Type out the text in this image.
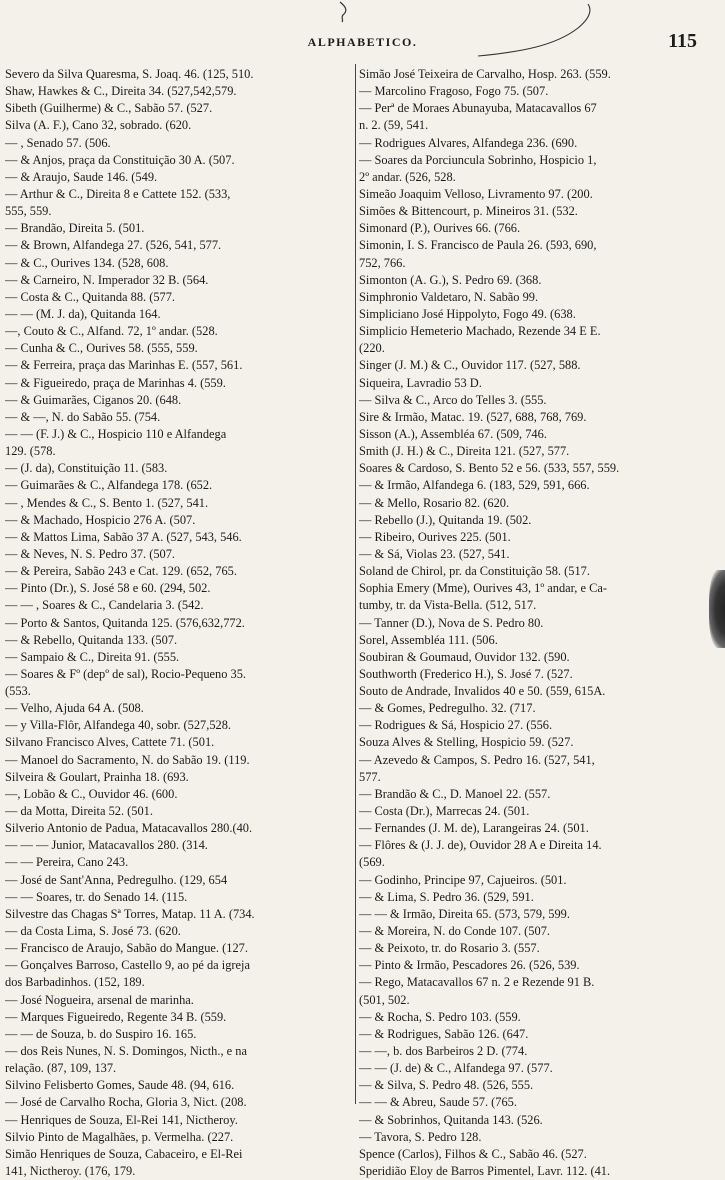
ALPHABETICO.	115
Severo da Silva Quaresma, S. Joaq. 46. (125, 510.
Shaw, Hawkes & C., Direita 34. (527,542,579.
Sibeth (Guilherme) & C., Sabão 57. (527.
Silva (A. F.), Cano 32, sobrado. (620.
— , Senado 57. (506.
— & Anjos, praça da Constituição 30 A. (507.
— & Araujo, Saude 146. (549.
— Arthur & C., Direita 8 e Cattete 152. (533,
555, 559.
— Brandão, Direita 5. (501.
— & Brown, Alfandega 27. (526, 541, 577.
— & C., Ourives 134. (528, 608.
— & Carneiro, N. Imperador 32 B. (564.
— Costa & C., Quitanda 88. (577.
— — (M. J. da), Quitanda 164.
—, Couto & C., Alfand. 72, 1º andar. (528.
— Cunha & C., Ourives 58. (555, 559.
— & Ferreira, praça das Marinhas E. (557, 561.
— & Figueiredo, praça de Marinhas 4. (559.
— & Guimarães, Ciganos 20. (648.
— & —, N. do Sabão 55. (754.
— — (F. J.) & C., Hospicio 110 e Alfandega
129. (578.
— (J. da), Constituição 11. (583.
— Guimarães & C., Alfandega 178. (652.
— , Mendes & C., S. Bento 1. (527, 541.
— & Machado, Hospicio 276 A. (507.
— & Mattos Lima, Sabão 37 A. (527, 543, 546.
— & Neves, N. S. Pedro 37. (507.
— & Pereira, Sabão 243 e Cat. 129. (652, 765.
— Pinto (Dr.), S. José 58 e 60. (294, 502.
— — , Soares & C., Candelaria 3. (542.
— Porto & Santos, Quitanda 125. (576,632,772.
— & Rebello, Quitanda 133. (507.
— Sampaio & C., Direita 91. (555.
— Soares & Fº (depº de sal), Rocio-Pequeno 35.
(553.
— Velho, Ajuda 64 A. (508.
— y Villa-Flôr, Alfandega 40, sobr. (527,528.
Silvano Francisco Alves, Cattete 71. (501.
— Manoel do Sacramento, N. do Sabão 19. (119.
Silveira & Goulart, Prainha 18. (693.
—, Lobão & C., Ouvidor 46. (600.
— da Motta, Direita 52. (501.
Silverio Antonio de Padua, Matacavallos 280.(40.
— — — Junior, Matacavallos 280. (314.
— — Pereira, Cano 243.
— José de Sant'Anna, Pedregulho. (129, 654
— — Soares, tr. do Senado 14. (115.
Silvestre das Chagas Sª Torres, Matap. 11 A. (734.
— da Costa Lima, S. José 73. (620.
— Francisco de Araujo, Sabão do Mangue. (127.
— Gonçalves Barroso, Castello 9, ao pé da igreja
dos Barbadinhos. (152, 189.
— José Nogueira, arsenal de marinha.
— Marques Figueiredo, Regente 34 B. (559.
— — de Souza, b. do Suspiro 16. 165.
— dos Reis Nunes, N. S. Domingos, Nicth., e na
relação. (87, 109, 137.
Silvino Felisberto Gomes, Saude 48. (94, 616.
— José de Carvalho Rocha, Gloria 3, Nict. (208.
— Henriques de Souza, El-Rei 141, Nictheroy.
Silvio Pinto de Magalhães, p. Vermelha. (227.
Simão Henriques de Souza, Cabaceiro, e El-Rei
141, Nictheroy. (176, 179.
Simão José Teixeira de Carvalho, Hosp. 263. (559.
— Marcolino Fragoso, Fogo 75. (507.
— Perª de Moraes Abunayuba, Matacavallos 67
n. 2. (59, 541.
— Rodrigues Alvares, Alfandega 236. (690.
— Soares da Porciuncula Sobrinho, Hospicio 1,
2º andar. (526, 528.
Simeão Joaquim Velloso, Livramento 97. (200.
Simões & Bittencourt, p. Mineiros 31. (532.
Simonard (P.), Ourives 66. (766.
Simonin, I. S. Francisco de Paula 26. (593, 690,
752, 766.
Simonton (A. G.), S. Pedro 69. (368.
Simphronio Valdetaro, N. Sabão 99.
Simpliciano José Hippolyto, Fogo 49. (638.
Simplicio Hemeterio Machado, Rezende 34 E E.
(220.
Singer (J. M.) & C., Ouvidor 117. (527, 588.
Siqueira, Lavradio 53 D.
— Silva & C., Arco do Telles 3. (555.
Sire & Irmão, Matac. 19. (527, 688, 768, 769.
Sisson (A.), Assembléa 67. (509, 746.
Smith (J. H.) & C., Direita 121. (527, 577.
Soares & Cardoso, S. Bento 52 e 56. (533, 557, 559.
— & Irmão, Alfandega 6. (183, 529, 591, 666.
— & Mello, Rosario 82. (620.
— Rebello (J.), Quitanda 19. (502.
— Ribeiro, Ourives 225. (501.
— & Sá, Violas 23. (527, 541.
Soland de Chirol, pr. da Constituição 58. (517.
Sophia Emery (Mme), Ourives 43, 1º andar, e Ca-
tumby, tr. da Vista-Bella. (512, 517.
— Tanner (D.), Nova de S. Pedro 80.
Sorel, Assembléa 111. (506.
Soubiran & Goumaud, Ouvidor 132. (590.
Southworth (Frederico H.), S. José 7. (527.
Souto de Andrade, Invalidos 40 e 50. (559, 615A.
— & Gomes, Pedregulho. 32. (717.
— Rodrigues & Sá, Hospicio 27. (556.
Souza Alves & Stelling, Hospicio 59. (527.
— Azevedo & Campos, S. Pedro 16. (527, 541,
577.
— Brandão & C., D. Manoel 22. (557.
— Costa (Dr.), Marrecas 24. (501.
— Fernandes (J. M. de), Larangeiras 24. (501.
— Flôres & (J. J. de), Ouvidor 28 A e Direita 14.
(569.
— Godinho, Principe 97, Cajueiros. (501.
— & Lima, S. Pedro 36. (529, 591.
— — & Irmão, Direita 65. (573, 579, 599.
— & Moreira, N. do Conde 107. (507.
— & Peixoto, tr. do Rosario 3. (557.
— Pinto & Irmão, Pescadores 26. (526, 539.
— Rego, Matacavallos 67 n. 2 e Rezende 91 B.
(501, 502.
— & Rocha, S. Pedro 103. (559.
— & Rodrigues, Sabão 126. (647.
— —, b. dos Barbeiros 2 D. (774.
— — (J. de) & C., Alfandega 97. (577.
— & Silva, S. Pedro 48. (526, 555.
— — & Abreu, Saude 57. (765.
— & Sobrinhos, Quitanda 143. (526.
— Tavora, S. Pedro 128.
Spence (Carlos), Filhos & C., Sabão 46. (527.
Speridião Eloy de Barros Pimentel, Lavr. 112. (41.
